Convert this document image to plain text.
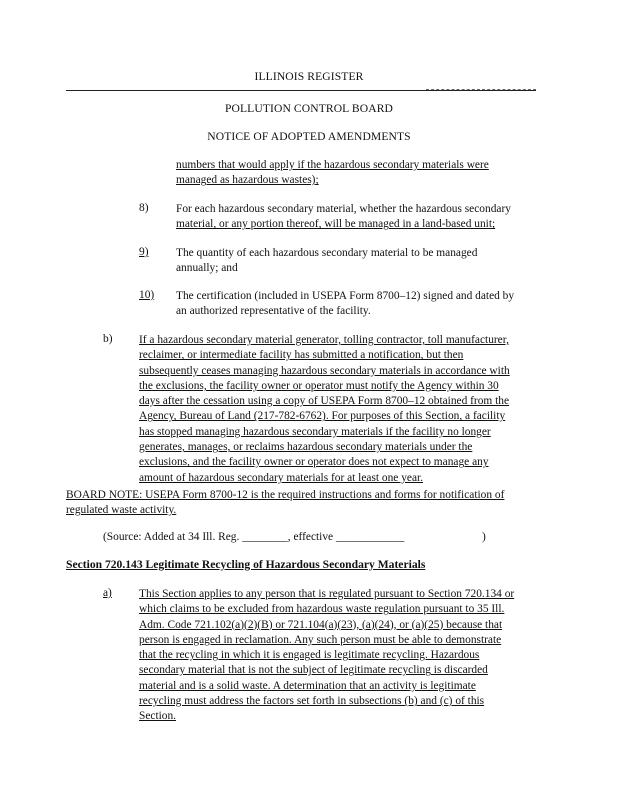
ILLINOIS REGISTER
POLLUTION CONTROL BOARD
NOTICE OF ADOPTED AMENDMENTS

numbers that would apply if the hazardous secondary materials were

managed as hazardous wastes);

8) For each hazardous secondary material, whether the hazardous secondary

material, or any portion thereof, will be managed in a land-based unit;

9) The quantity of each hazardous secondary material to be managed

annually; and

10) The certification (included in USEPA Form 8700–12) signed and dated by

an authorized representative of the facility.

b) If a hazardous secondary material generator, tolling contractor, toll manufacturer,

reclaimer, or intermediate facility has submitted a notification, but then

subsequently ceases managing hazardous secondary materials in accordance with

the exclusions, the facility owner or operator must notify the Agency within 30

days after the cessation using a copy of USEPA Form 8700–12 obtained from the

Agency, Bureau of Land (217-782-6762). For purposes of this Section, a facility

has stopped managing hazardous secondary materials if the facility no longer

generates, manages, or reclaims hazardous secondary materials under the

exclusions, and the facility owner or operator does not expect to manage any

amount of hazardous secondary materials for at least one year.

BOARD NOTE: USEPA Form 8700-12 is the required instructions and forms for notification of

regulated waste activity.

(Source: Added at 34 Ill. Reg. ________, effective ____________	)
Section 720.143 Legitimate Recycling of Hazardous Secondary Materials
a) This Section applies to any person that is regulated pursuant to Section 720.134 or

which claims to be excluded from hazardous waste regulation pursuant to 35 Ill.

Adm. Code 721.102(a)(2)(B) or 721.104(a)(23), (a)(24), or (a)(25) because that

person is engaged in reclamation. Any such person must be able to demonstrate

that the recycling in which it is engaged is legitimate recycling. Hazardous

secondary material that is not the subject of legitimate recycling is discarded

material and is a solid waste. A determination that an activity is legitimate

recycling must address the factors set forth in subsections (b) and (c) of this

Section.
